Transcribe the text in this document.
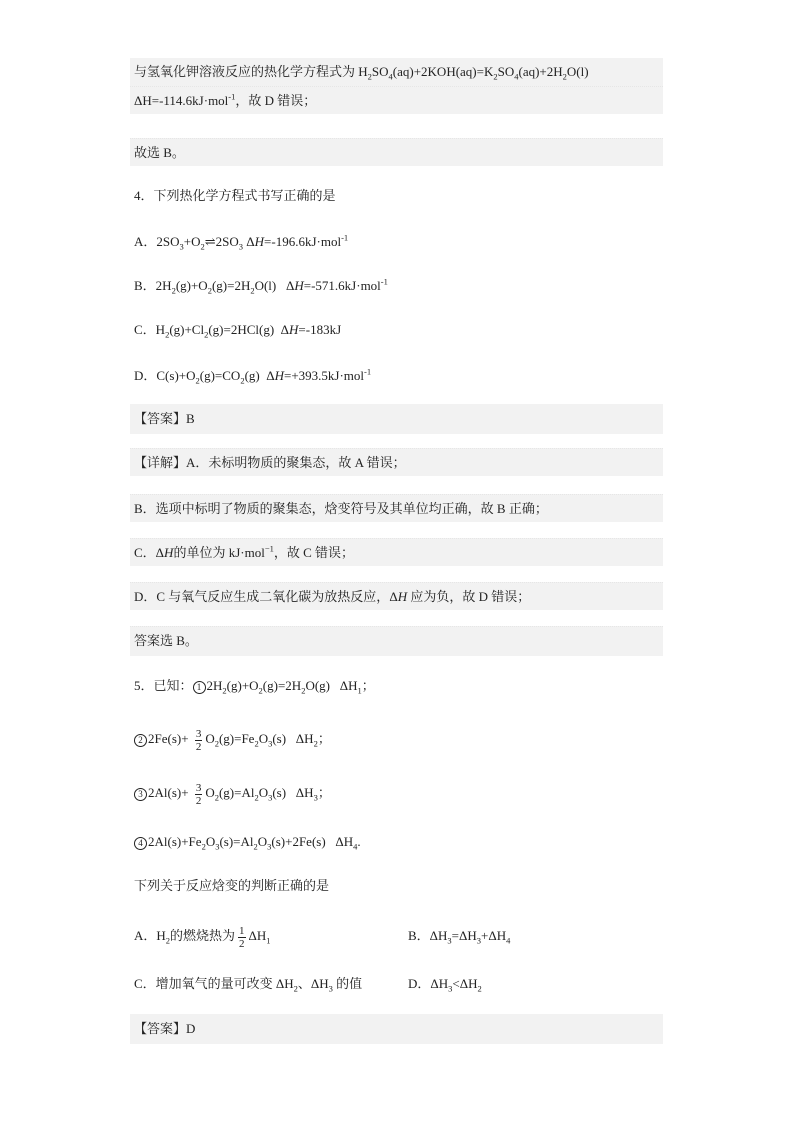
与氢氧化钾溶液反应的热化学方程式为 $H_2SO_4(aq)+2KOH(aq)=K_2SO_4(aq)+2H_2O(l)$
ΔH=-114.6kJ·mol$^{-1}$，故 D 错误；
故选 B。
4．下列热化学方程式书写正确的是
A．$2SO_3+O_2\rightleftharpoons 2SO_3$ ΔH=-196.6kJ·mol$^{-1}$
B．$2H_2(g)+O_2(g)=2H_2O(l)$   ΔH=-571.6kJ·mol$^{-1}$
C．$H_2(g)+Cl_2(g)=2HCl(g)$  ΔH=-183kJ
D．$C(s)+O_2(g)=CO_2(g)$  ΔH=+393.5kJ·mol$^{-1}$
【答案】B
【详解】A．未标明物质的聚集态，故 A 错误；
B．选项中标明了物质的聚集态，焓变符号及其单位均正确，故 B 正确；
C．ΔH的单位为 kJ·mol$^{-1}$，故 C 错误；
D．C 与氧气反应生成二氧化碳为放热反应，ΔH 应为负，故 D 错误；
答案选 B。
5．已知： 1 $2H_2(g)+O_2(g)=2H_2O(g)$   $\Delta H_1$；
2 $2Fe(s)+ \frac{3}{2} O_2(g)=Fe_2O_3(s)$   $\Delta H_2$；
3 $2Al(s)+ \frac{3}{2} O_2(g)=Al_2O_3(s)$   $\Delta H_3$；
4 $2Al(s)+Fe_2O_3(s)=Al_2O_3(s)+2Fe(s)$   $\Delta H_4$.
下列关于反应焓变的判断正确的是
A．$H_2$的燃烧热为 $\frac{1}{2} \Delta H_1$	B．$\Delta H_3=\Delta H_3+\Delta H_4$
C．增加氧气的量可改变 $\Delta H_2$、$\Delta H_3$ 的值	D．$\Delta H_3<\Delta H_2$
【答案】D
